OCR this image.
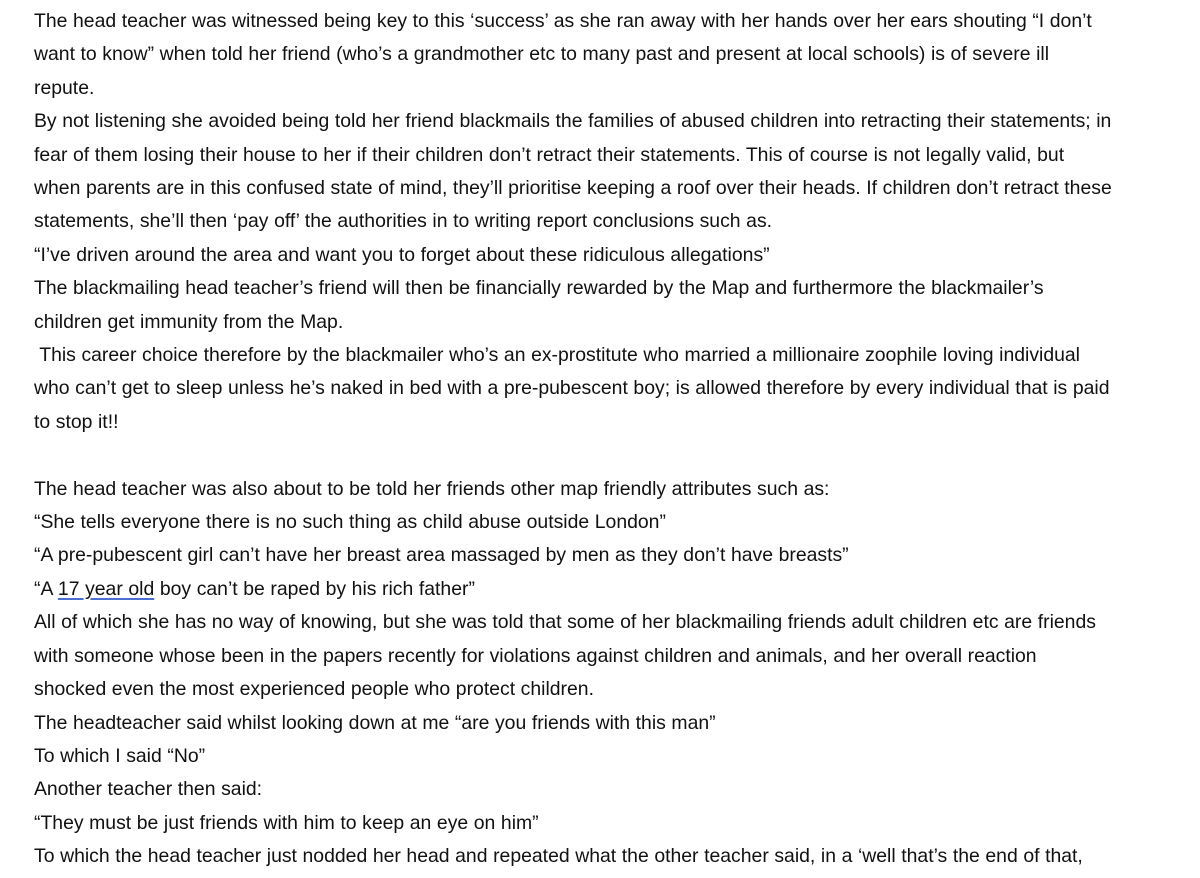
The head teacher was witnessed being key to this ‘success’ as she ran away with her hands over her ears shouting “I don’t

want to know” when told her friend (who’s a grandmother etc to many past and present at local schools) is of severe ill

repute.

By not listening she avoided being told her friend blackmails the families of abused children into retracting their statements; in

fear of them losing their house to her if their children don’t retract their statements. This of course is not legally valid, but

when parents are in this confused state of mind, they’ll prioritise keeping a roof over their heads. If children don’t retract these

statements, she’ll then ‘pay off’ the authorities in to writing report conclusions such as.

“I’ve driven around the area and want you to forget about these ridiculous allegations”

The blackmailing head teacher’s friend will then be financially rewarded by the Map and furthermore the blackmailer’s

children get immunity from the Map.

This career choice therefore by the blackmailer who’s an ex-prostitute who married a millionaire zoophile loving individual

who can’t get to sleep unless he’s naked in bed with a pre-pubescent boy; is allowed therefore by every individual that is paid

to stop it!!

The head teacher was also about to be told her friends other map friendly attributes such as:

“She tells everyone there is no such thing as child abuse outside London”

“A pre-pubescent girl can’t have her breast area massaged by men as they don’t have breasts”

“A 17 year old boy can’t be raped by his rich father”

All of which she has no way of knowing, but she was told that some of her blackmailing friends adult children etc are friends

with someone whose been in the papers recently for violations against children and animals, and her overall reaction

shocked even the most experienced people who protect children.

The headteacher said whilst looking down at me “are you friends with this man”

To which I said “No”

Another teacher then said:

“They must be just friends with him to keep an eye on him”

To which the head teacher just nodded her head and repeated what the other teacher said, in a ‘well that’s the end of that,
